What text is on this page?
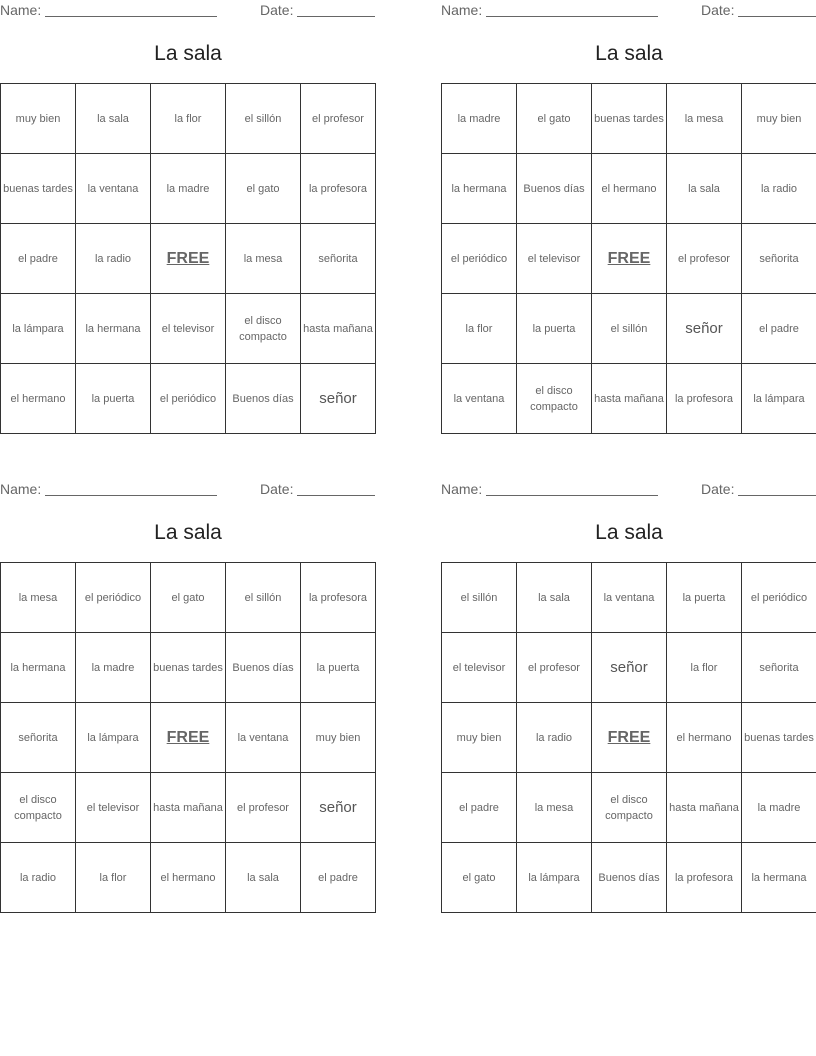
Name:	Date:
La sala
muy bien	la sala	la flor	el sillón	el profesor
buenas tardes	la ventana	la madre	el gato	la profesora
el padre	la radio	FREE	la mesa	señorita
la lámpara	la hermana	el televisor	el disco compacto	hasta mañana
el hermano	la puerta	el periódico	Buenos días	señor
Name:	Date:
La sala
la madre	el gato	buenas tardes	la mesa	muy bien
la hermana	Buenos días	el hermano	la sala	la radio
el periódico	el televisor	FREE	el profesor	señorita
la flor	la puerta	el sillón	señor	el padre
la ventana	el disco compacto	hasta mañana	la profesora	la lámpara
Name:	Date:
La sala
la mesa	el periódico	el gato	el sillón	la profesora
la hermana	la madre	buenas tardes	Buenos días	la puerta
señorita	la lámpara	FREE	la ventana	muy bien
el disco compacto	el televisor	hasta mañana	el profesor	señor
la radio	la flor	el hermano	la sala	el padre
Name:	Date:
La sala
el sillón	la sala	la ventana	la puerta	el periódico
el televisor	el profesor	señor	la flor	señorita
muy bien	la radio	FREE	el hermano	buenas tardes
el padre	la mesa	el disco compacto	hasta mañana	la madre
el gato	la lámpara	Buenos días	la profesora	la hermana
